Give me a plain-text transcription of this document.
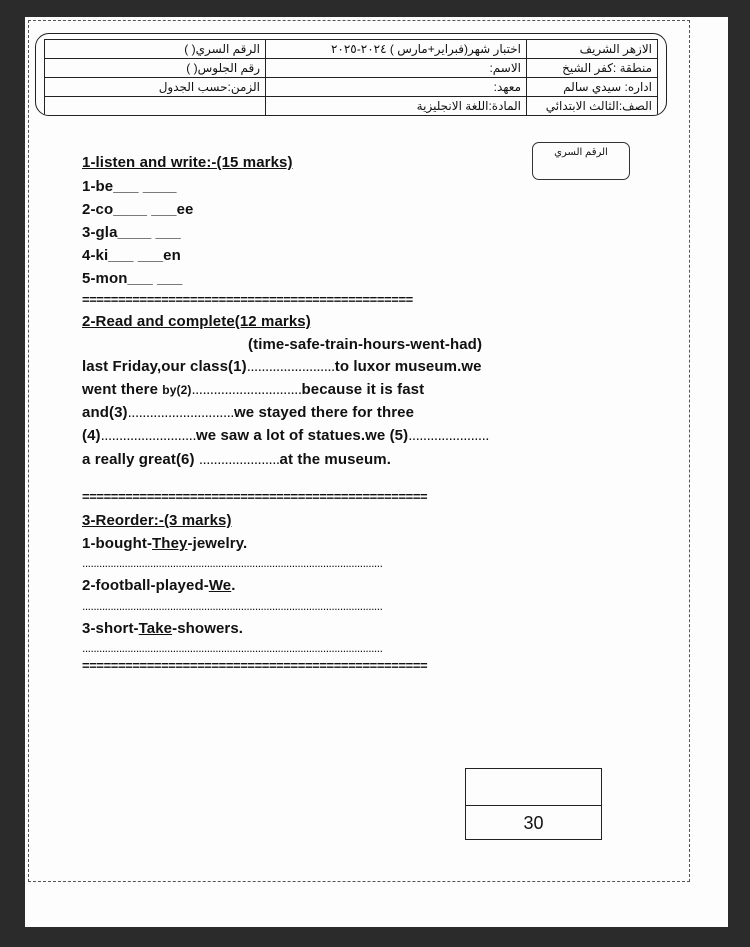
الازهر الشريف	اختبار شهر(فبراير+مارس ) ٢٠٢٤-٢٠٢٥	الرقم السري( )
منطقة :كفر الشيخ	الاسم:	رقم الجلوس( )
اداره: سيدي سالم	معهد:	الزمن:حسب الجدول
الصف:الثالث الابتدائي	المادة:اللغة الانجليزية	
الرقم السري
1-listen and write:-(15 marks)
1-be___ ____
2-co____ ___ee
3-gla____ ___
4-ki___ ___en
5-mon___ ___
==============================================
2-Read and complete(12 marks)
(time-safe-train-hours-went-had)
last Friday,our class(1)........................to luxor museum.we
went there by(2)..............................because it is fast
and(3).............................we stayed there for three
(4)..........................we saw a lot of statues.we (5)......................
a really great(6) ......................at the museum.
================================================
3-Reorder:-(3 marks)
1-bought-They-jewelry.
..........................................................................................................
2-football-played-We.
..........................................................................................................
3-short-Take-showers.
..........................................................................................................
================================================
30
